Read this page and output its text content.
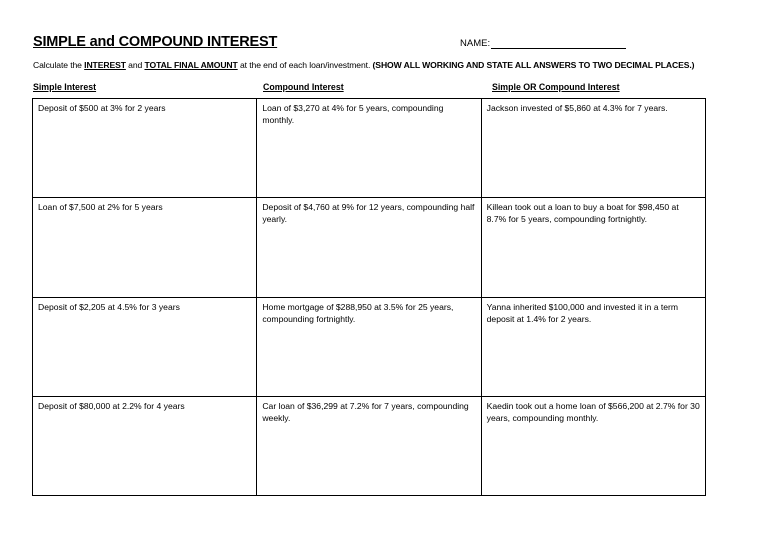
SIMPLE and COMPOUND INTEREST	NAME:
Calculate the INTEREST and TOTAL FINAL AMOUNT at the end of each loan/investment. (SHOW ALL WORKING AND STATE ALL ANSWERS TO TWO DECIMAL PLACES.)
Simple Interest	Compound Interest	Simple OR Compound Interest
Deposit of $500 at 3% for 2 years	Loan of $3,270 at 4% for 5 years, compounding monthly.	Jackson invested of $5,860 at 4.3% for 7 years.
Loan of $7,500 at 2% for 5 years	Deposit of $4,760 at 9% for 12 years, compounding half yearly.	Killean took out a loan to buy a boat for $98,450 at 8.7% for 5 years, compounding fortnightly.
Deposit of $2,205 at 4.5% for 3 years	Home mortgage of $288,950 at 3.5% for 25 years, compounding fortnightly.	Yanna inherited $100,000 and invested it in a term deposit at 1.4% for 2 years.
Deposit of $80,000 at 2.2% for 4 years	Car loan of $36,299 at 7.2% for 7 years, compounding weekly.	Kaedin took out a home loan of $566,200 at 2.7% for 30 years, compounding monthly.
